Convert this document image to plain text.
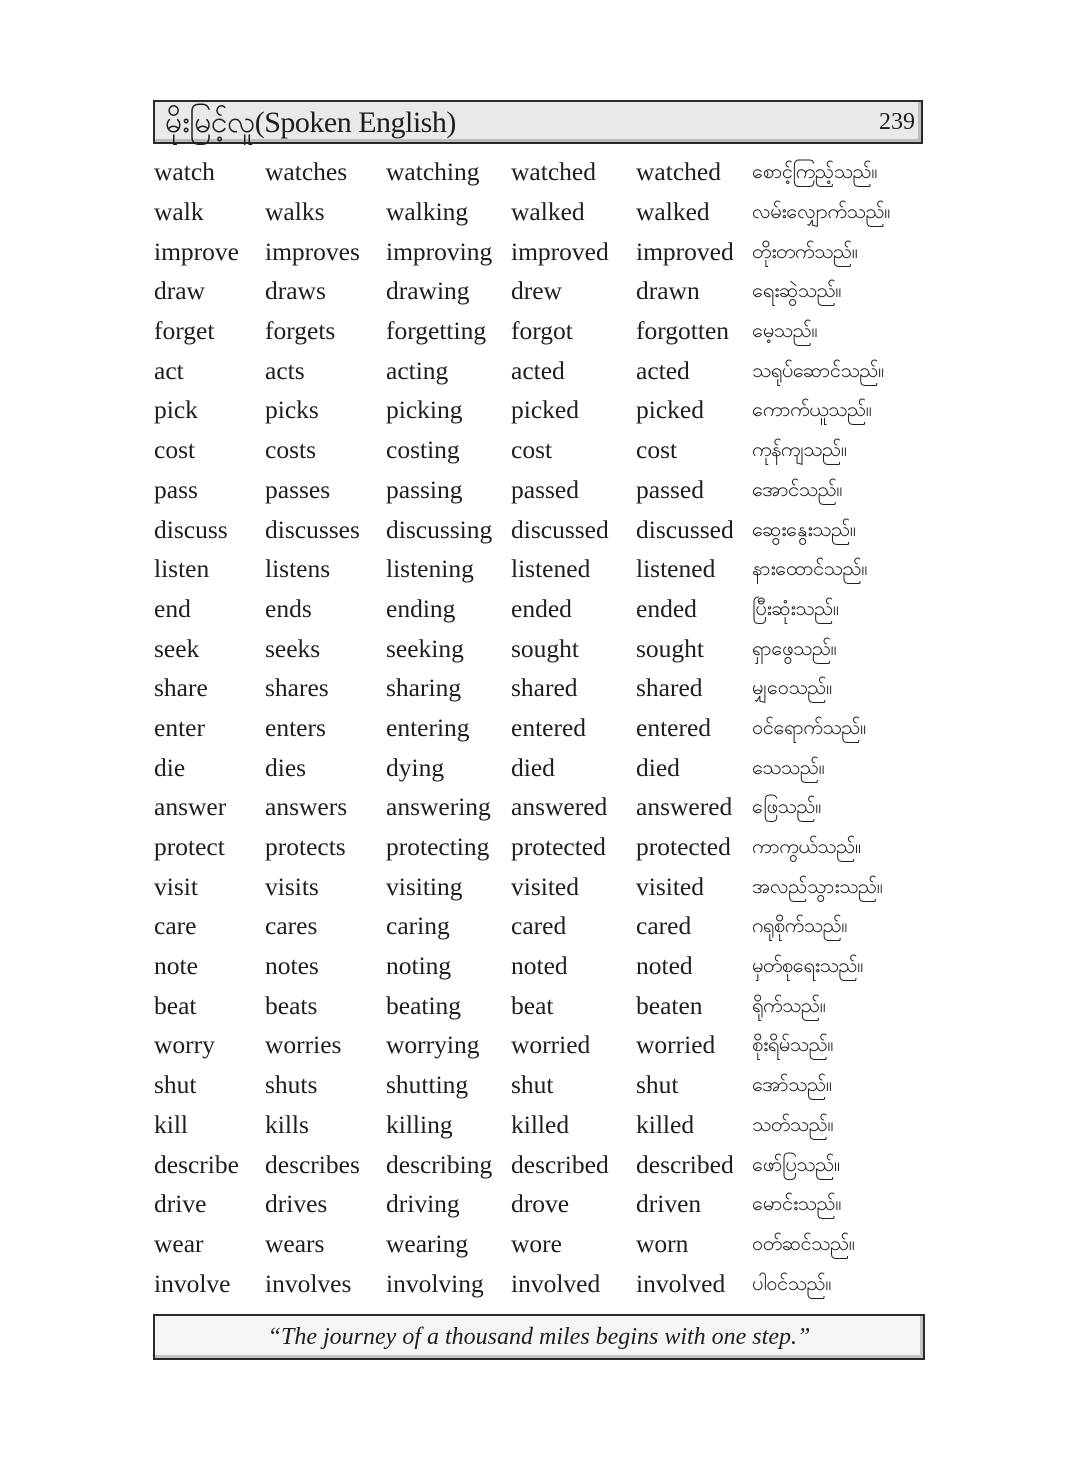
မိုးမြင့်လူ(Spoken English)	239
watch	watches	watching	watched	watched	စောင့်ကြည့်သည်။
walk	walks	walking	walked	walked	လမ်းလျှောက်သည်။
improve	improves	improving	improved	improved	တိုးတက်သည်။
draw	draws	drawing	drew	drawn	ရေးဆွဲသည်။
forget	forgets	forgetting	forgot	forgotten	မေ့သည်။
act	acts	acting	acted	acted	သရုပ်ဆောင်သည်။
pick	picks	picking	picked	picked	ကောက်ယူသည်။
cost	costs	costing	cost	cost	ကုန်ကျသည်။
pass	passes	passing	passed	passed	အောင်သည်။
discuss	discusses	discussing	discussed	discussed	ဆွေးနွေးသည်။
listen	listens	listening	listened	listened	နားထောင်သည်။
end	ends	ending	ended	ended	ပြီးဆုံးသည်။
seek	seeks	seeking	sought	sought	ရှာဖွေသည်။
share	shares	sharing	shared	shared	မျှဝေသည်။
enter	enters	entering	entered	entered	ဝင်ရောက်သည်။
die	dies	dying	died	died	သေသည်။
answer	answers	answering	answered	answered	ဖြေသည်။
protect	protects	protecting	protected	protected	ကာကွယ်သည်။
visit	visits	visiting	visited	visited	အလည်သွားသည်။
care	cares	caring	cared	cared	ဂရုစိုက်သည်။
note	notes	noting	noted	noted	မှတ်စုရေးသည်။
beat	beats	beating	beat	beaten	ရိုက်သည်။
worry	worries	worrying	worried	worried	စိုးရိမ်သည်။
shut	shuts	shutting	shut	shut	အော်သည်။
kill	kills	killing	killed	killed	သတ်သည်။
describe	describes	describing	described	described	ဖော်ပြသည်။
drive	drives	driving	drove	driven	မောင်းသည်။
wear	wears	wearing	wore	worn	ဝတ်ဆင်သည်။
involve	involves	involving	involved	involved	ပါဝင်သည်။
“The journey of a thousand miles begins with one step.”
